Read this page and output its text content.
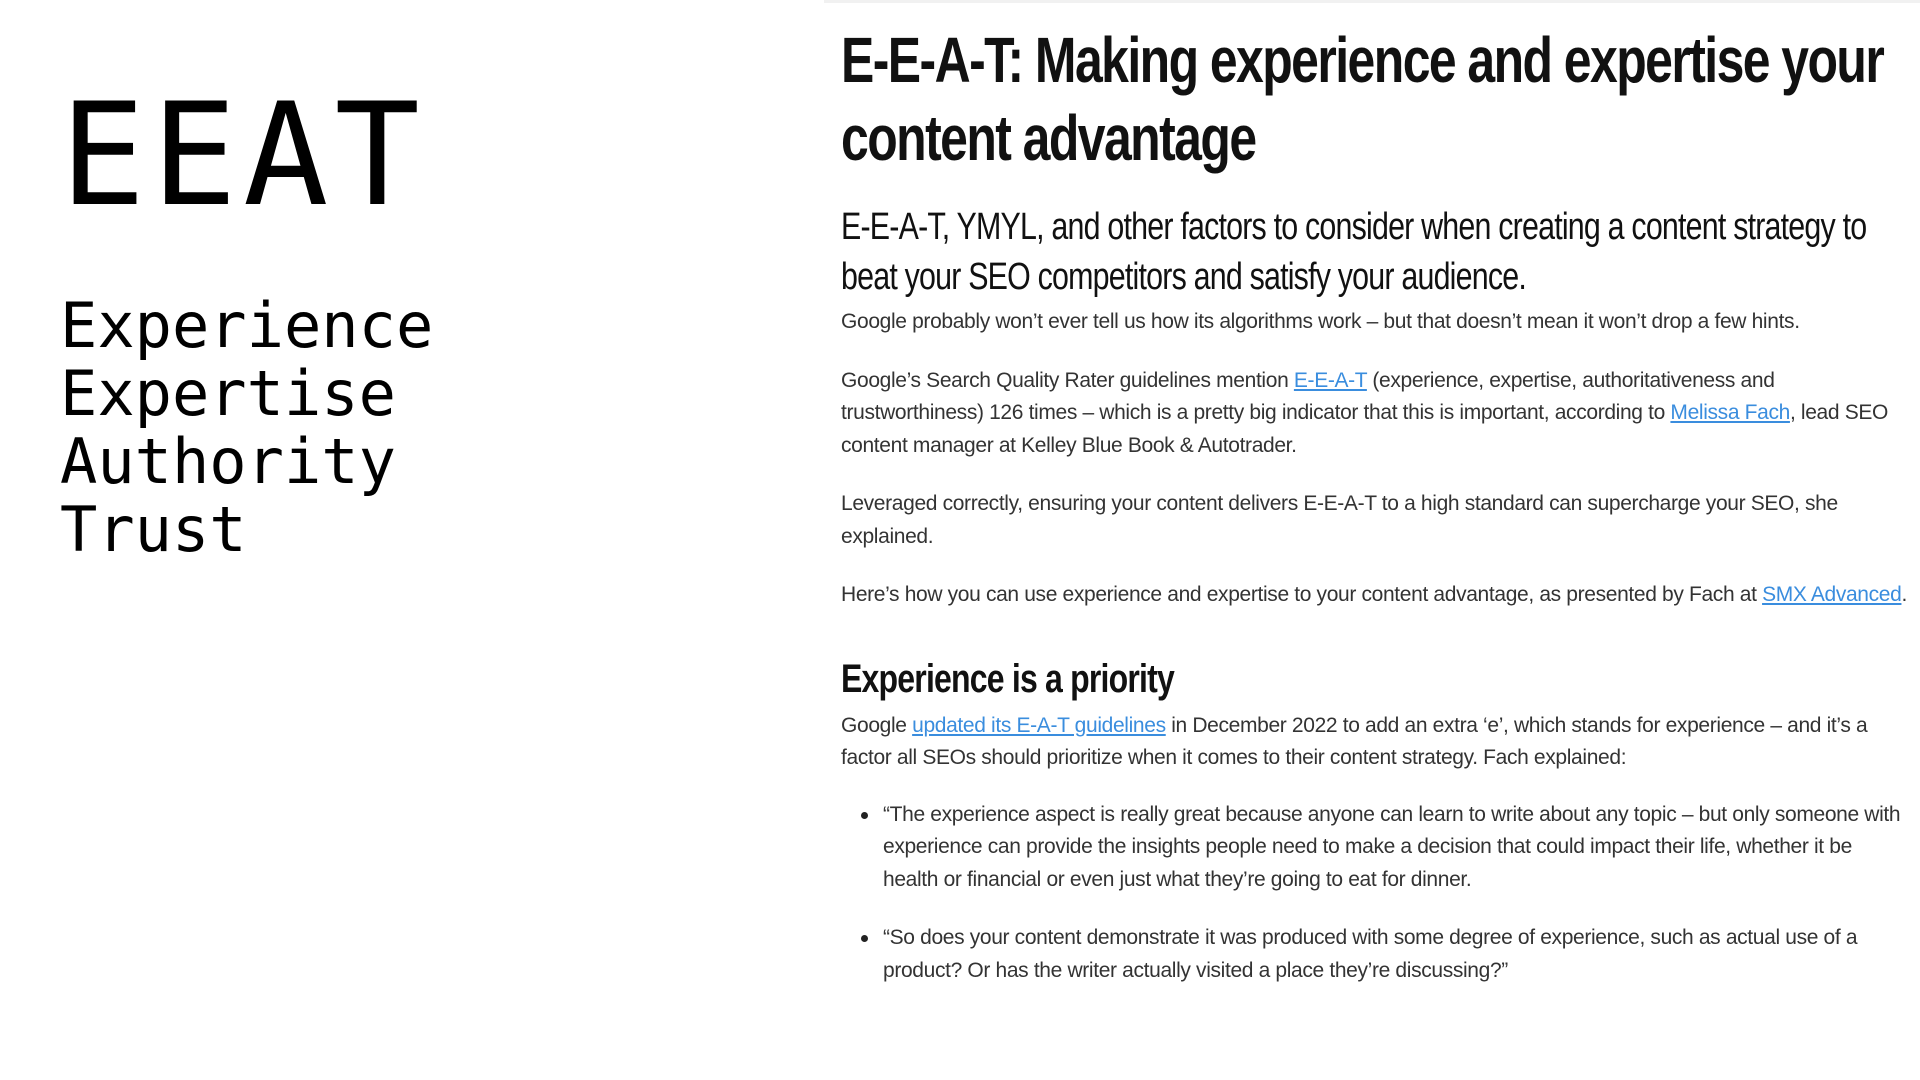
EEAT
Experience
Expertise
Authority
Trust
E-E-A-T: Making experience and expertise your content advantage
E-E-A-T, YMYL, and other factors to consider when creating a content strategy to beat your SEO competitors and satisfy your audience.

Google probably won’t ever tell us how its algorithms work – but that doesn’t mean it won’t drop a few hints.

Google’s Search Quality Rater guidelines mention E-E-A-T (experience, expertise, authoritativeness and trustworthiness) 126 times – which is a pretty big indicator that this is important, according to Melissa Fach, lead SEO content manager at Kelley Blue Book & Autotrader.

Leveraged correctly, ensuring your content delivers E-E-A-T to a high standard can supercharge your SEO, she explained.

Here’s how you can use experience and expertise to your content advantage, as presented by Fach at SMX Advanced.

Experience is a priority

Google updated its E-A-T guidelines in December 2022 to add an extra ‘e’, which stands for experience – and it’s a factor all SEOs should prioritize when it comes to their content strategy. Fach explained:

“The experience aspect is really great because anyone can learn to write about any topic – but only someone with experience can provide the insights people need to make a decision that could impact their life, whether it be health or financial or even just what they’re going to eat for dinner.
“So does your content demonstrate it was produced with some degree of experience, such as actual use of a product? Or has the writer actually visited a place they’re discussing?”
